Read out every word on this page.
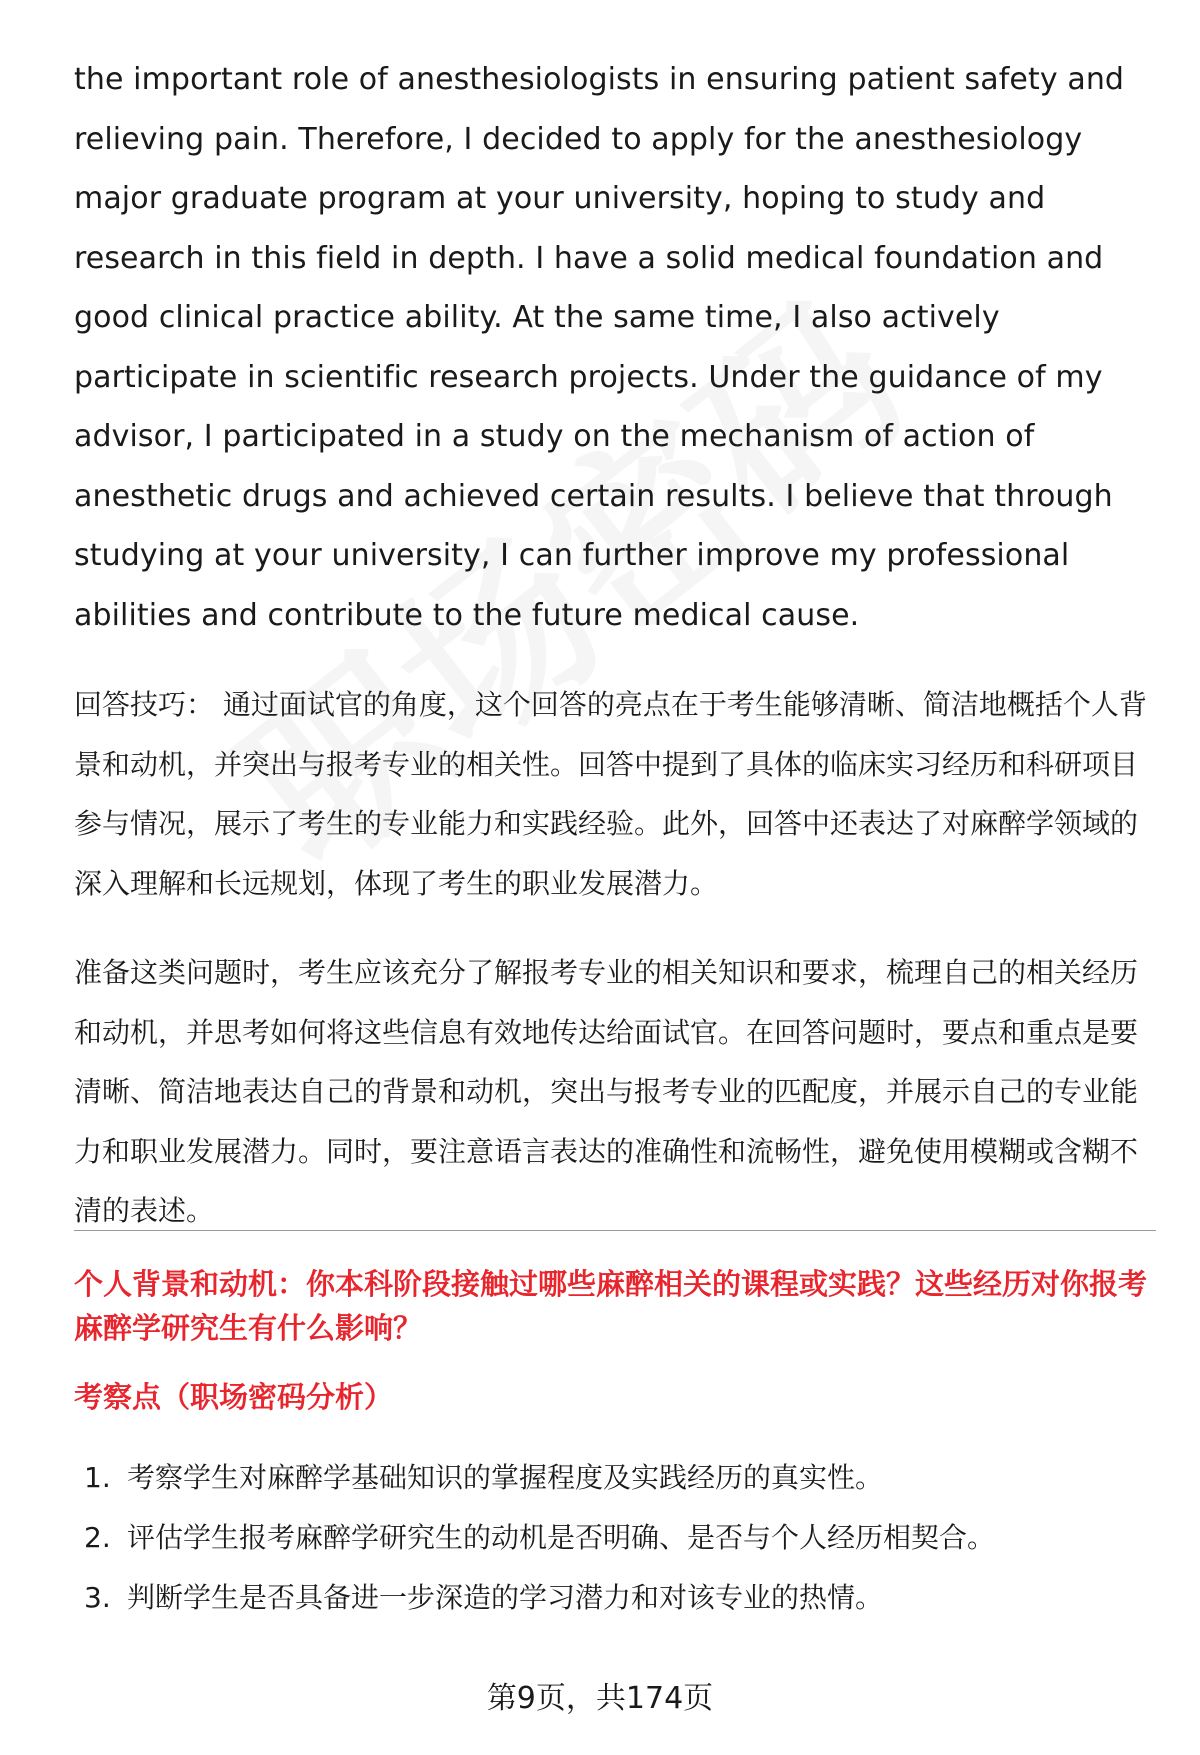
the important role of anesthesiologists in ensuring patient safety and relieving pain. Therefore, I decided to apply for the anesthesiology major graduate program at your university, hoping to study and research in this field in depth. I have a solid medical foundation and good clinical practice ability. At the same time, I also actively participate in scientific research projects. Under the guidance of my advisor, I participated in a study on the mechanism of action of anesthetic drugs and achieved certain results. I believe that through studying at your university, I can further improve my professional abilities and contribute to the future medical cause.

回答技巧： 通过面试官的角度，这个回答的亮点在于考生能够清晰、简洁地概括个人背景和动机，并突出与报考专业的相关性。回答中提到了具体的临床实习经历和科研项目参与情况，展示了考生的专业能力和实践经验。此外，回答中还表达了对麻醉学领域的深入理解和长远规划，体现了考生的职业发展潜力。

准备这类问题时，考生应该充分了解报考专业的相关知识和要求，梳理自己的相关经历和动机，并思考如何将这些信息有效地传达给面试官。在回答问题时，要点和重点是要清晰、简洁地表达自己的背景和动机，突出与报考专业的匹配度，并展示自己的专业能力和职业发展潜力。同时，要注意语言表达的准确性和流畅性，避免使用模糊或含糊不清的表述。

个人背景和动机：你本科阶段接触过哪些麻醉相关的课程或实践？这些经历对你报考麻醉学研究生有什么影响？

考察点（职场密码分析）

1. 考察学生对麻醉学基础知识的掌握程度及实践经历的真实性。
2. 评估学生报考麻醉学研究生的动机是否明确、是否与个人经历相契合。
3. 判断学生是否具备进一步深造的学习潜力和对该专业的热情。
第9页，共174页
